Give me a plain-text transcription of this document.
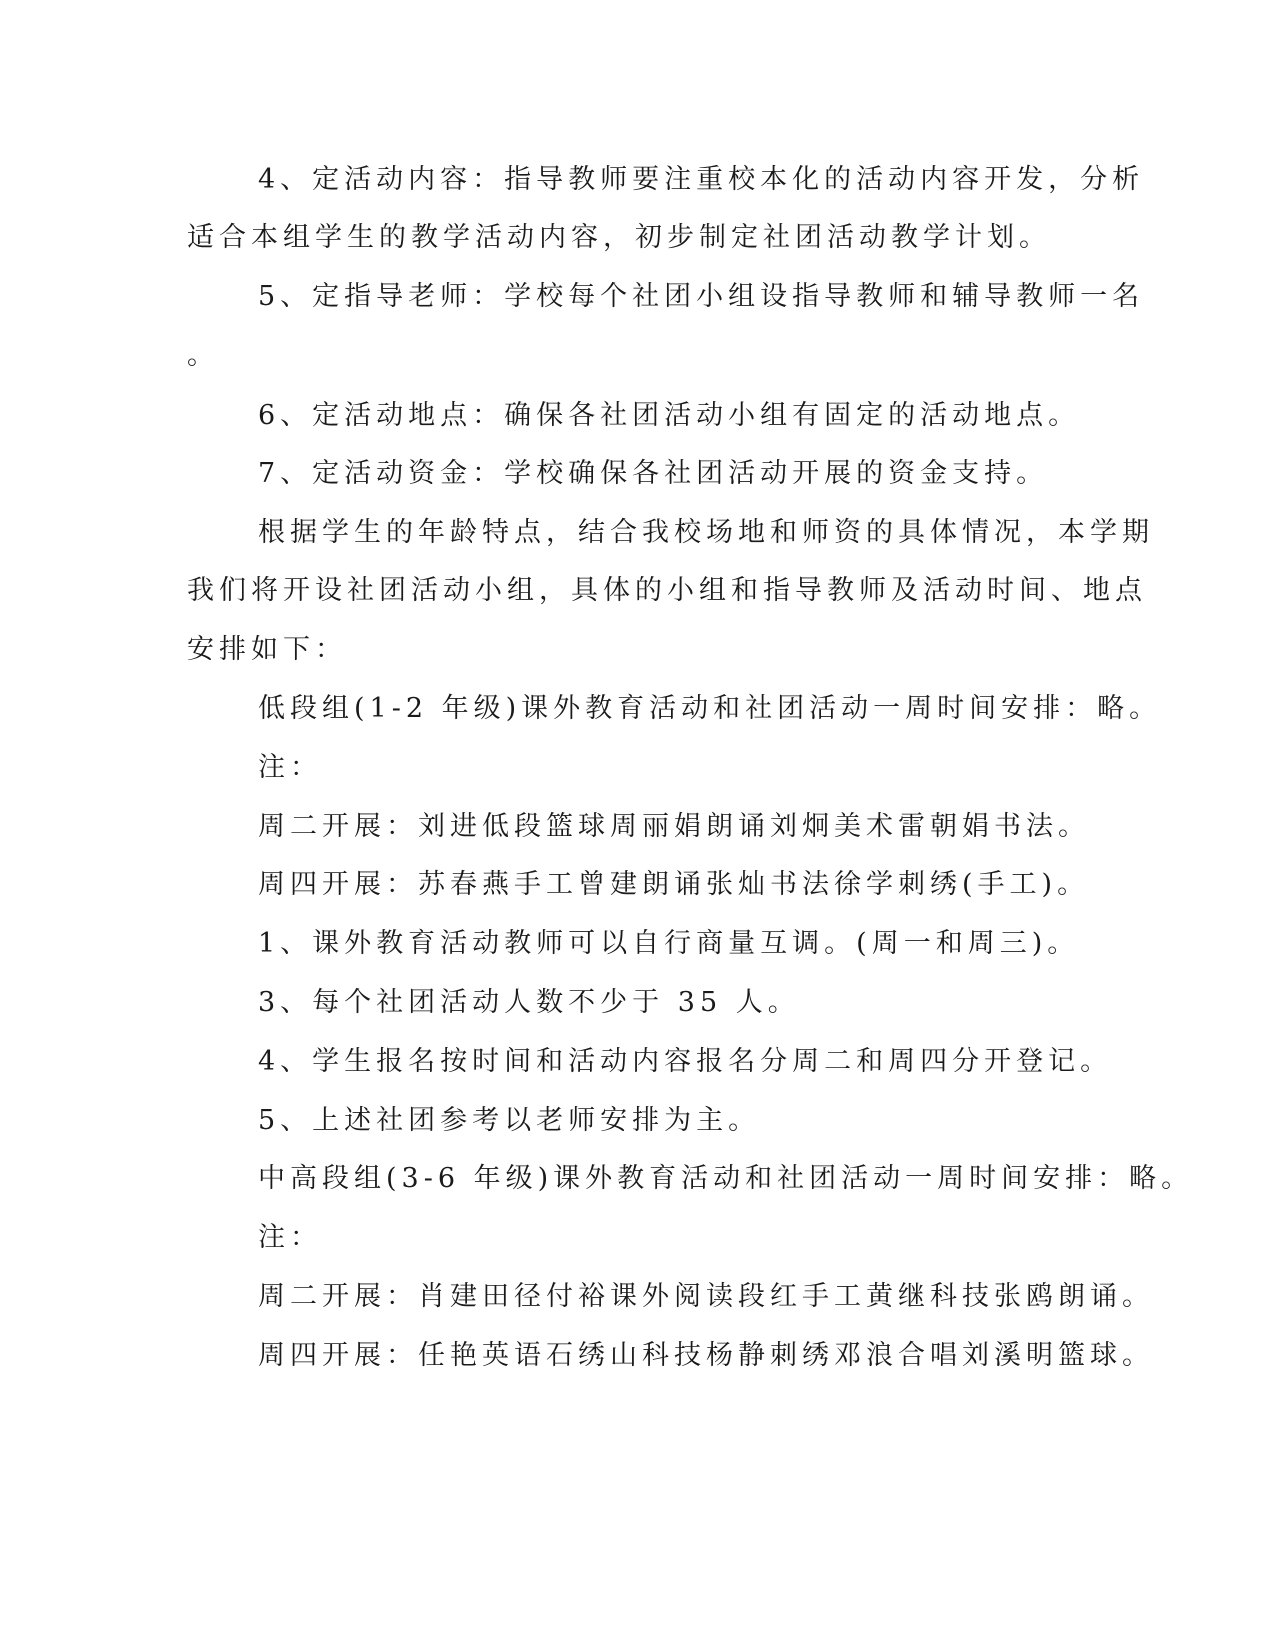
4、定活动内容：指导教师要注重校本化的活动内容开发，分析
适合本组学生的教学活动内容，初步制定社团活动教学计划。
5、定指导老师：学校每个社团小组设指导教师和辅导教师一名
。
6、定活动地点：确保各社团活动小组有固定的活动地点。
7、定活动资金：学校确保各社团活动开展的资金支持。
根据学生的年龄特点，结合我校场地和师资的具体情况，本学期
我们将开设社团活动小组，具体的小组和指导教师及活动时间、地点
安排如下：
低段组(1-2 年级)课外教育活动和社团活动一周时间安排：略。
注：
周二开展：刘进低段篮球周丽娟朗诵刘炯美术雷朝娟书法。
周四开展：苏春燕手工曾建朗诵张灿书法徐学刺绣(手工)。
1、课外教育活动教师可以自行商量互调。(周一和周三)。
3、每个社团活动人数不少于 35 人。
4、学生报名按时间和活动内容报名分周二和周四分开登记。
5、上述社团参考以老师安排为主。
中高段组(3-6 年级)课外教育活动和社团活动一周时间安排：略。
注：
周二开展：肖建田径付裕课外阅读段红手工黄继科技张鸥朗诵。
周四开展：任艳英语石绣山科技杨静刺绣邓浪合唱刘溪明篮球。
